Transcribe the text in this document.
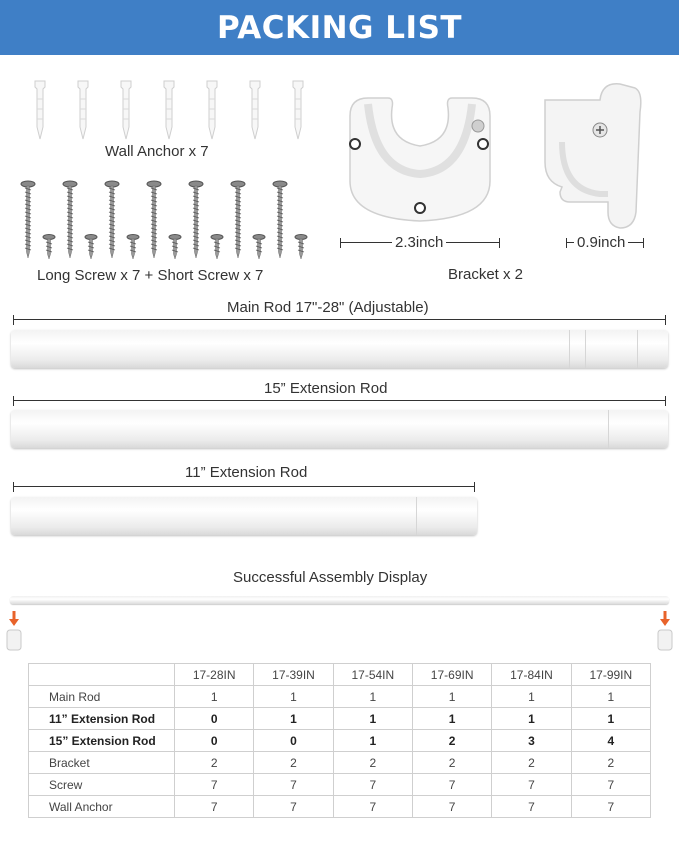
PACKING LIST
Wall Anchor x 7
Long Screw x 7 + Short Screw x 7
2.3inch
Bracket x 2
0.9inch
Main Rod 17"-28" (Adjustable)
15” Extension Rod
11” Extension Rod
Successful Assembly Display
	17-28IN	17-39IN	17-54IN	17-69IN	17-84IN	17-99IN
Main Rod	1	1	1	1	1	1
11” Extension Rod	0	1	1	1	1	1
15” Extension Rod	0	0	1	2	3	4
Bracket	2	2	2	2	2	2
Screw	7	7	7	7	7	7
Wall Anchor	7	7	7	7	7	7
